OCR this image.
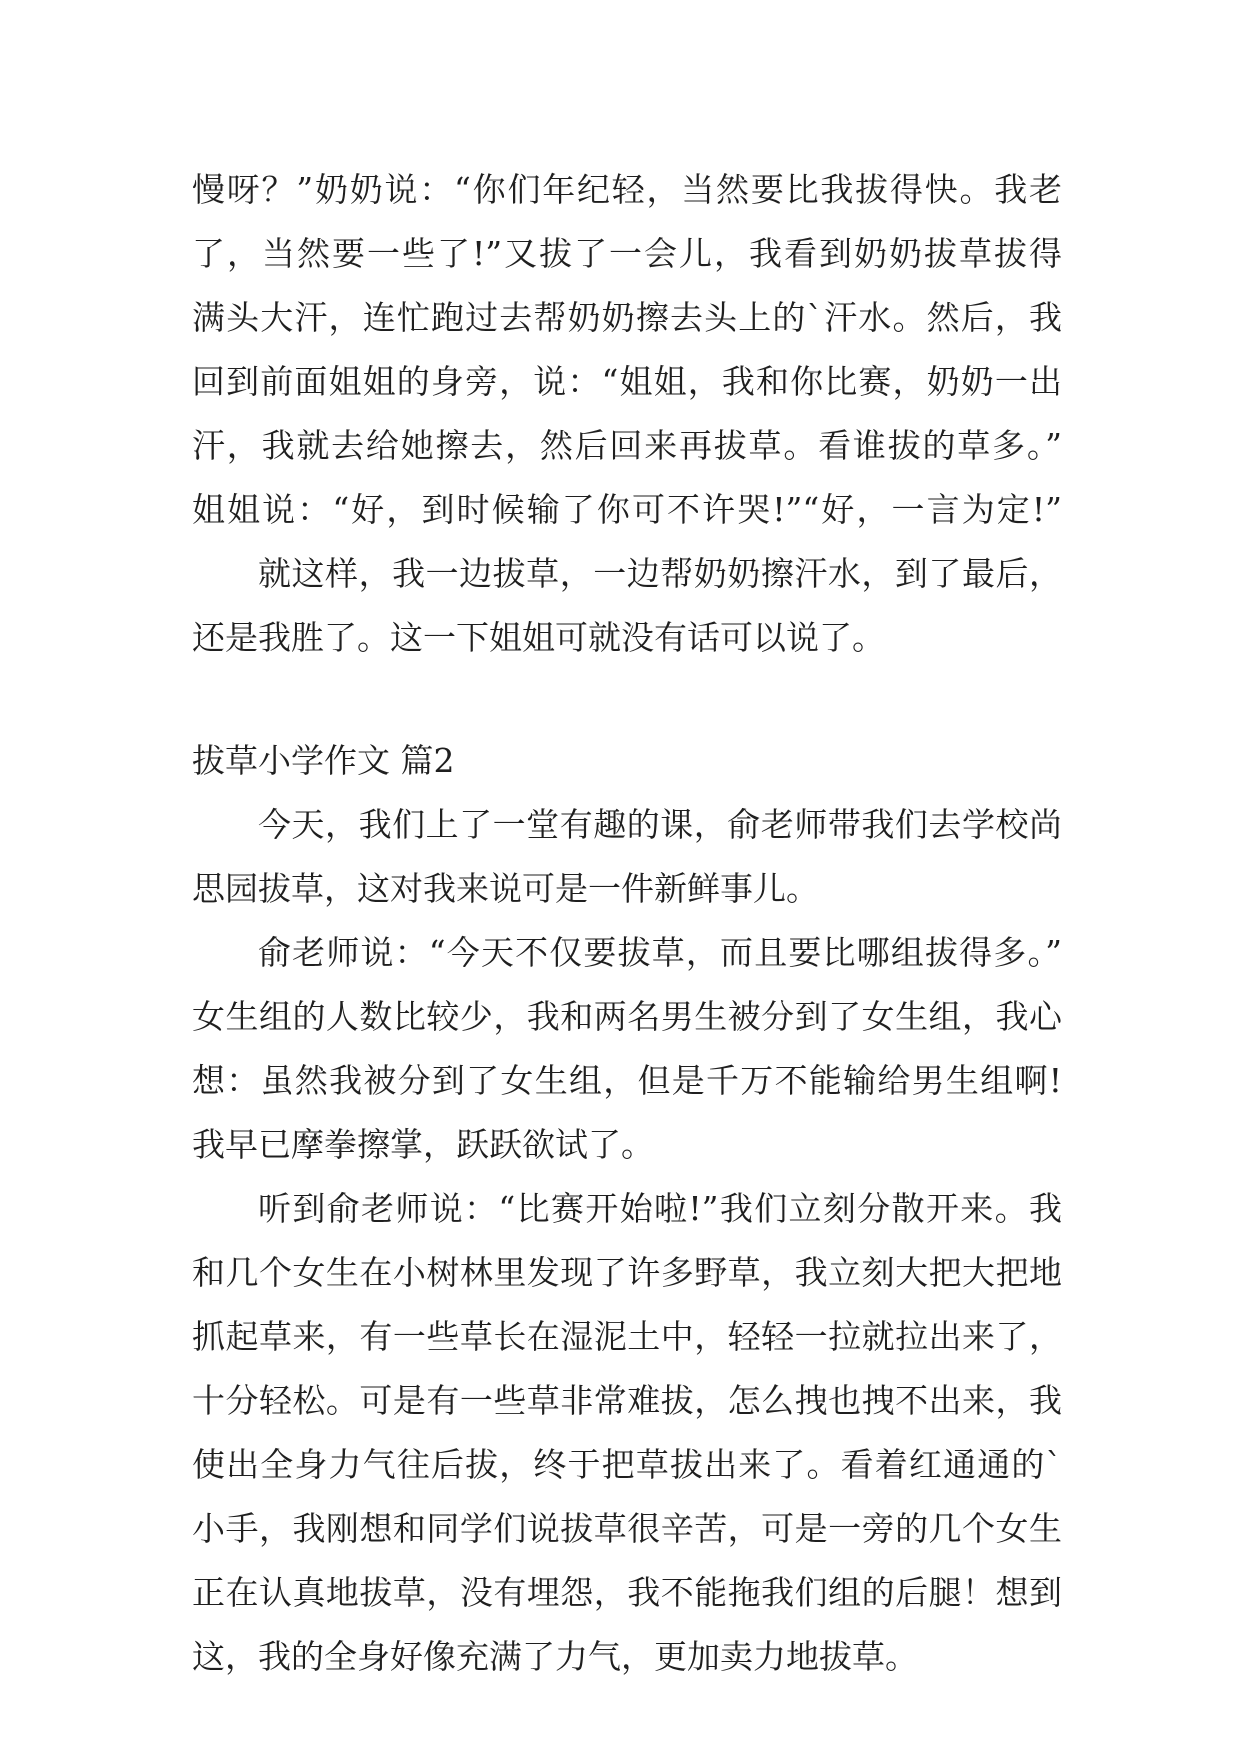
慢呀？”奶奶说：“你们年纪轻，当然要比我拔得快。我老
了，当然要一些了!”又拔了一会儿，我看到奶奶拔草拔得
满头大汗，连忙跑过去帮奶奶擦去头上的`汗水。然后，我
回到前面姐姐的身旁，说：“姐姐，我和你比赛，奶奶一出
汗，我就去给她擦去，然后回来再拔草。看谁拔的草多。”
姐姐说：“好，到时候输了你可不许哭!”“好，一言为定!”
就这样，我一边拔草，一边帮奶奶擦汗水，到了最后，
还是我胜了。这一下姐姐可就没有话可以说了。
拔草小学作文 篇2
今天，我们上了一堂有趣的课，俞老师带我们去学校尚
思园拔草，这对我来说可是一件新鲜事儿。
俞老师说：“今天不仅要拔草，而且要比哪组拔得多。”
女生组的人数比较少，我和两名男生被分到了女生组，我心
想：虽然我被分到了女生组，但是千万不能输给男生组啊!
我早已摩拳擦掌，跃跃欲试了。
听到俞老师说：“比赛开始啦!”我们立刻分散开来。我
和几个女生在小树林里发现了许多野草，我立刻大把大把地
抓起草来，有一些草长在湿泥土中，轻轻一拉就拉出来了，
十分轻松。可是有一些草非常难拔，怎么拽也拽不出来，我
使出全身力气往后拔，终于把草拔出来了。看着红通通的`
小手，我刚想和同学们说拔草很辛苦，可是一旁的几个女生
正在认真地拔草，没有埋怨，我不能拖我们组的后腿！想到
这，我的全身好像充满了力气，更加卖力地拔草。
